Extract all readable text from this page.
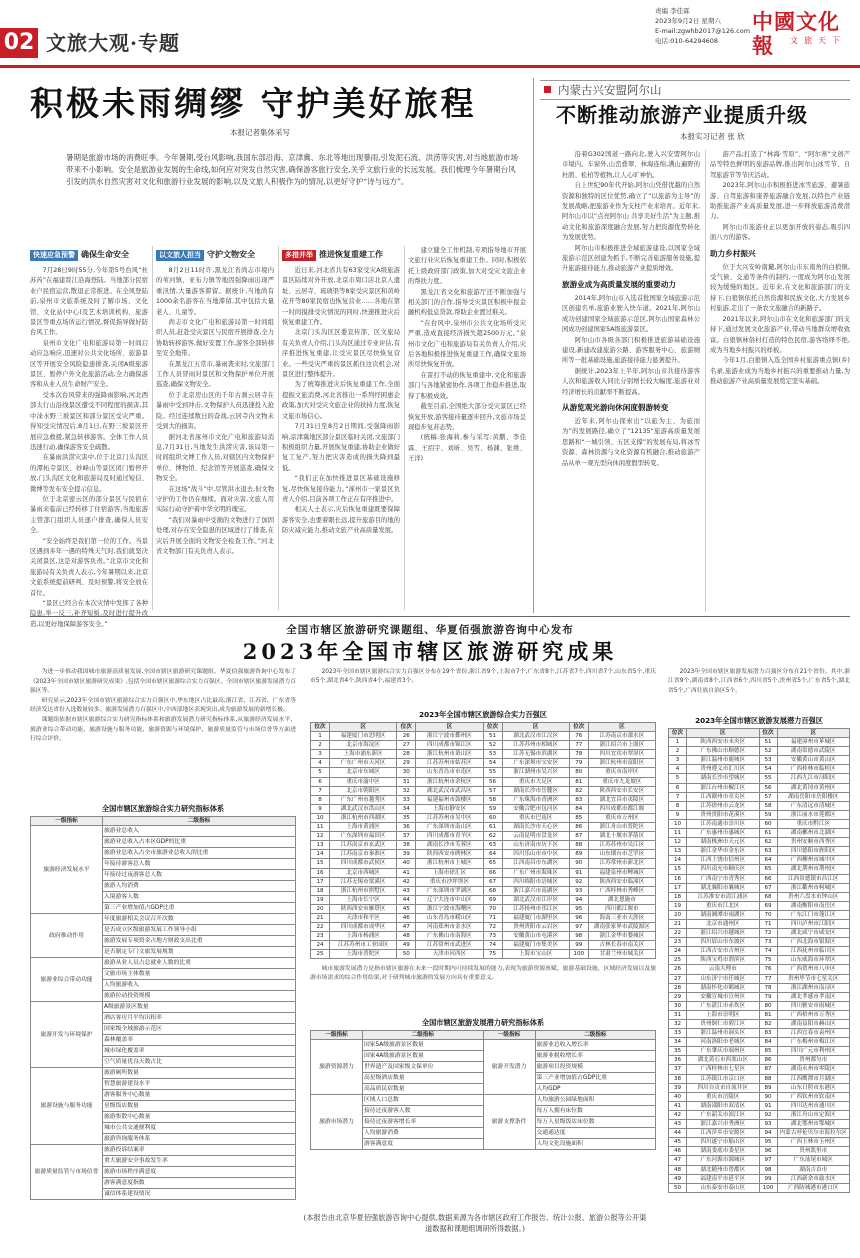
02 文旅大观·专题
责编 李佳霖
2023年9月2日 星期六
E-mail:zgwhb2017@126.com
电话:010-64294608
中國文化報	文旅天下
积极未雨绸缪 守护美好旅程
本报记者集体采写
暑期是旅游市场的消费旺季。今年暑期,受台风影响,我国东部沿海、京津冀、东北等地出现暴雨,引发泥石流、洪涝等灾害,对当地旅游市场带来不小影响。安全是旅游业发展的生命线,如何应对突发自然灾害,确保游客旅行安全,关乎文旅行业的长远发展。我们梳理今年暑期台风引发的洪水自然灾害对文化和旅游行业发展的影响,以及文旅人积极作为的情况,以更好守护“诗与远方”。
快速应急预警 确保生命安全

7月28日9时55分,今年第5号台风“杜苏芮”在福建晋江沿海登陆。当地部分民宿业户民宿运营,散退正常推进。在全风登陆前,泉州市文旅系统及时了解市场、文化馆、文化站(中心)及艺术培训机构、旅游景区等重点场所运行情况,督促指导做好防台风工作。

泉州市文化广电和旅游局第一时间启动应急响应,迅速对公共文化场所、旅游景区等开展安全风险隐患排查,关闭A级旅游景区、暂停户外文化旅游活动,全力确保游客和从业人员生命财产安全。

受本次台风带来的强降雨影响,河北西部太行山沿线景区遭受不同程度的损害,其中涞水野三坡景区和部分景区受灾严重。得知受灾情况后,8月1日,在野三坡景区开展应急救援,紧急转移游客。全体工作人员迅速行动,确保游客安全疏散。

在暴雨洪涝灾害中,位于北京门头沟区的潭柘寺景区、妙峰山等景区闭门暂停开放,门头沟区文化和旅游局及时通过短信、微博等发布安全提示信息。

位于北京密云区的部分景区与民宿在暴雨来临前已经转移了住宿游客,当地旅游主管部门组织人员逐户排查,确保人员安全。

“安全始终是我们第一位的工作。当景区遇到多年一遇的特殊天气时,我们就坚决关闭景区,这是对游客负责。”北京市文化和旅游局有关负责人表示,今年暑期以来,北京文旅系统提前研判、及时预警,将安全放在首位。

“景区已经合在本次灾情中发挥了各种隐患,举一反三,补齐短板,及时进行提升改造,以更好地保障游客安全。”

以文旅人担当 守护文物安全

8月2日11时许,黑龙江省尚志市境内的苇河镇、亚布力镇等地因强降雨出现严重汛情,大量游客滞留。据统计,当地尚有1000余名游客在当地滞留,其中包括大量老人、儿童等。

尚志市文化广电和旅游局第一时间组织人员,赶赴受灾景区与民宿开展排查,全力协助转移游客,做好安置工作,游客全部转移至安全地带。

在黑龙江五常市,暴雨袭来时,文旅部门工作人员冒雨对景区和文物保护单位开展巡查,确保文物安全。

位于北京房山区的千年古刹云居寺在暴雨中受到冲击,文物保护人员迅速投入抢险。经过连续数日的奋战,云居寺内文物未受到大的损害。

据河北省涿州市文化广电和旅游局消息,7月31日,当地发生洪涝灾害,该局第一时间组织文博工作人员,对辖区内文物保护单位、博物馆、纪念馆等开展巡查,确保文物安全。

在这场“战斗”中,尽管洪水退去,但文物守护的工作仍在继续。面对灾害,文旅人用实际行动守护着中华文明的瑰宝。

“我们对暴雨中受损的文物进行了加固处理,对存在安全隐患的区域进行了排查,在灾后开展全面的文物安全检查工作。”河北省文物部门有关负责人表示。

多措并举 推进恢复重建工作

近日来,河北省共有63家受灾A级旅游景区陆续对外开放,北京市周口店北京人遗址、云居寺、琉璃渠等8家受灾景区和黄岭花开等80家民宿也恢复营业……各地在第一时间摸排受灾情况的同时,快速推进灾后恢复重建工作。

北京门头沟区区委宣传部、区文旅局有关负责人介绍,门头沟区通过专业评估,有序推进恢复重建,让受灾景区尽快恢复营业。一些受灾严重的景区抓住这次机会,对景区进行整体提升。

为了统筹推进灾后恢复重建工作,全面提振文旅消费,河北省推出一系列纾困惠企政策,加大对受灾文旅企业的扶持力度,恢复文旅市场信心。

7月31日至8月2日期间,受强降雨影响,京津冀地区部分景区临时关闭,文旅部门积极组织力量,开展恢复重建,协助企业做好复工复产,努力把灾害造成的损失降到最低。

“我们正在加快推进景区基础设施修复,尽快恢复接待能力。”涿州市一家景区负责人介绍,目前各项工作正在有序推进中。

相关人士表示,灾后恢复重建既要保障游客安全,也要着眼长远,提升旅游目的地的防灾减灾能力,推动文旅产业高质量发展。

建立健全工作机制,专项指导地市开展文旅行业灾后恢复重建工作。同时,积极依托上级政府部门政策,加大对受灾文旅企业的帮扶力度。

黑龙江省文化和旅游厅还不断加强与相关部门的合作,指导受灾景区积极申报金融机构低息贷款,帮助企业渡过难关。

“在台风中,泉州市公共文化场所受灾严重,造成直接经济损失超2500万元。”泉州市文化广电和旅游局有关负责人介绍,灾后各地积极推进恢复重建工作,确保文旅场所尽快恢复开放。

在雷打不动的恢复重建中,文化和旅游部门与各地紧密协作,各项工作稳步推进,取得了积极成效。

截至目前,全国绝大部分受灾景区已经恢复开放,游客接待量逐步回升,文旅市场呈现稳步复苏态势。

(统稿:张海莉,参与采写:黄鹏、李佳霖、王绍宇、刘昕、吴雪、杨渊、张维、王洋)

内蒙古兴安盟阿尔山
不断推动旅游产业提质升级
本报实习记者 张 欣

沿着G302国道一路向北,驶入兴安盟阿尔山市境内。车窗外,山峦叠翠、林海连绵,满山遍野的杜鹃、松柏等植物,让人心旷神怡。

自上世纪90年代开始,阿尔山凭借优越的自然资源和独特的区位优势,确立了“以旅游为主导”的发展战略,把旅游业作为支柱产业来培育。近年来,阿尔山市以“点亮阿尔山 共享美好生活”为主题,推动文化和旅游深度融合发展,努力把资源优势转化为发展优势。

阿尔山市积极推进全域旅游建设,以国家全域旅游示范区创建为抓手,不断完善旅游服务设施,提升旅游接待能力,推动旅游产业提质增效。

旅游业成为高质量发展的重要动力

2014年,阿尔山市入选首批国家全域旅游示范区创建名单,旅游业驶入快车道。2021年,阿尔山成功创建国家全域旅游示范区,阿尔山国家森林公园成功创建国家5A级旅游景区。

阿尔山市各级各部门积极推进旅游基础设施建设,新建改建旅游公路、游客服务中心、旅游厕所等一批基础设施,旅游接待能力显著提升。

据统计,2023年上半年,阿尔山市共接待游客人次和旅游收入同比分别增长较大幅度,旅游业对经济增长的贡献率不断提高。

从游览观光游向休闲度假游转变

近年来,阿尔山探索出“以旅为主、为旅而为”的发展路径,确立了“12135”旅游高质量发展思路和“一城引领、五区支撑”的发展布局,将冰雪资源、森林资源与文化资源有机融合,推动旅游产品从单一观光型向休闲度假型转变。

游产品;打造了“林海·雪原”、“阿尔寨”文创产品等特色鲜明的旅游品牌,推出阿尔山冰雪节、自驾旅游节等节庆活动。

2023年,阿尔山市积极推进冰雪旅游、避暑旅游、自驾旅游和康养旅游融合发展,以特色产业链助推旅游产业高质量发展,进一步释放旅游消费潜力。

阿尔山市旅游业正以更加开放的姿态,吸引四面八方的游客。

助力乡村振兴

位于大兴安岭南麓,阿尔山市东南角的白狼镇,受气候、交通等条件的制约,一度成为阿尔山发展较为缓慢的地区。近年来,在文化和旅游部门的支持下,白狼镇依托自然资源和民族文化,大力发展乡村旅游,走出了一条农文旅融合的新路子。

2021年以来,阿尔山市在文化和旅游部门的支持下,通过发展文化旅游产业,带动当地群众增收致富。白狼镇林俗村打造的特色民宿,游客络绎不绝,成为当地乡村振兴的样板。

今年1月,白狼镇入选全国乡村旅游重点镇(乡)名录,旅游业成为当地乡村振兴的重要推动力量,为推动旅游产业高质量发展奠定坚实基础。

全国市辖区旅游研究课题组、华夏佰强旅游咨询中心发布
2023年全国市辖区旅游研究成果

为进一步推动我国城市旅游高质量发展,全国市辖区旅游研究课题组、华夏佰强旅游咨询中心发布了《2023年全国市辖区旅游研究成果》,包括全国市辖区旅游综合实力百强区、全国市辖区旅游发展潜力百强区等。

研究显示,2023年全国市辖区旅游综合实力百强区中,华东地区占比最高;浙江省、江苏省、广东省等经济发达省份入选数量较多。旅游发展潜力百强区中,中西部地区表现突出,成为旅游发展的新增长极。

课题组依据市辖区旅游综合实力研究指标体系和旅游发展潜力研究指标体系,从旅游经济发展水平、旅游业综合带动功能、旅游设施与服务功能、旅游资源与环境保护、旅游质量监管与市场信誉等方面进行综合评价。

2023年全国市辖区旅游综合实力百强区分布在19个省份,浙江省9个,上海市7个,广东省8个,江苏省7个,四川省7个,山东省5个,重庆市5个,湖北省4个,陕西省4个,福建省3个。

2023年全国市辖区旅游发展潜力百强区分布在21个省份。其中,浙江省9个,湖南省8个,江西省6个,四川省5个,贵州省5个,广东省5个,湖北省5个,广西壮族自治区5个。

全国市辖区旅游综合实力研究指标体系
一级指标	二级指标
旅游经济发展水平	旅游业总收入
	旅游业总收入占本区GDP的比重
	旅游业总收入占全市旅游业总收入的比重
	年接待游客总人数
	年接待过夜游客总人数
	旅游人均消费
	入境游客人数
	第三产业增加值占GDP比重
政府推动作用	年度旅游相关会议召开次数
	是否成立区级旅游发展工作领导小组
	旅游发展专项资金占地方财政支出比重
	是否制定专门文旅发展规划
旅游业综合带动功能	旅游从业人员占总就业人数的比重
	文旅市场主体数量
	人均旅游收入
	旅游拉动投资规模
旅游开发与环境保护	A级旅游景区数量
	酒店客房月平均出租率
	国家级全域旅游示范区
	森林覆盖率
	城市绿化覆盖率
	空气质量优良天数占比
旅游设施与服务功能	旅游厕所数量
	智慧旅游建设水平
	游客服务中心数量
	星级饭店数量
	旅游集散中心数量
	城市公共交通便利度
	旅游咨询服务体系
旅游质量监管与市场信誉	旅游投诉结案率
	重大旅游安全事故发生率
	旅游市场秩序满意度
	游客满意度指数
	诚信体系建设情况
2023年全国市辖区旅游综合实力百强区
位次	区	位次	区	位次	区	位次	区
1	福建厦门市思明区	26	浙江宁波市鄞州区	51	湖北武汉市江汉区	76	江苏南京市溧水区
2	北京市海淀区	27	四川成都市锦江区	52	江苏苏州市相城区	77	浙江绍兴市上虞区
3	上海市浦东新区	28	浙江杭州市萧山区	53	江苏无锡市滨湖区	78	四川宜宾市翠屏区
4	广东广州市天河区	29	江苏苏州市姑苏区	54	广东深圳市宝安区	79	浙江杭州市富阳区
5	北京市东城区	30	山东青岛市市南区	55	浙江湖州市吴兴区	80	重庆市南岸区
6	重庆市渝中区	31	浙江杭州市余杭区	56	重庆市大足区	81	重庆市九龙坡区
7	北京市朝阳区	32	湖北武汉市武昌区	57	湖南长沙市岳麓区	82	陕西西安市长安区
8	广东广州市越秀区	33	福建福州市鼓楼区	58	广东珠海市香洲区	83	湖北宜昌市夷陵区
9	湖北武汉市洪山区	34	上海市静安区	59	安徽合肥市包河区	84	四川成都市都江堰
10	浙江杭州市西湖区	35	江苏苏州市吴中区	60	重庆市巴南区	85	重庆市万州区
11	上海市黄浦区	36	广东深圳市南山区	61	湖南长沙市天心区	86	浙江舟山市普陀区
12	广东深圳市福田区	37	四川成都市青羊区	62	云南昆明市盘龙区	87	湖北十堰市茅箭区
13	江苏南京市玄武区	38	湖南长沙市芙蓉区	63	山东济南市历下区	88	江苏苏州市吴江区
14	江苏南京市秦淮区	39	陕西西安市碑林区	64	四川乐山市市中区	89	山东烟台市芝罘区
15	四川成都市武侯区	40	浙江杭州市上城区	65	江西南昌市东湖区	90	江苏常州市新北区
16	北京市西城区	41	上海市徐汇区	66	广东广州市海珠区	91	福建泉州市鲤城区
17	江苏无锡市梁溪区	42	重庆市沙坪坝区	67	四川绵阳市涪城区	92	陕西西安市临潼区
18	浙江杭州市拱墅区	43	广东深圳市罗湖区	68	浙江嘉兴市南湖区	93	广西桂林市秀峰区
19	上海市长宁区	44	辽宁大连市中山区	69	湖北武汉市江岸区	94	湖北恩施市
20	陕西西安市雁塔区	45	浙江宁波市海曙区	70	江苏扬州市邗江区	95	四川都江堰市
21	天津市和平区	46	山东青岛市崂山区	71	福建厦门市湖里区	96	海南三亚市天涯区
22	四川成都市成华区	47	河南郑州市金水区	72	贵州贵阳市云岩区	97	湖南张家界市武陵源区
23	上海市杨浦区	48	广东佛山市南海区	73	安徽黄山市屯溪区	98	浙江金华市婺城区
24	江苏苏州市工业园区	49	江苏常州市武进区	74	福建厦门市集美区	99	吉林长春市南关区
25	上海市普陀区	50	天津市河西区	75	上海市宝山区	100	甘肃兰州市城关区

城市旅游发展潜力是指市辖区旅游在未来一段时期内可持续发展的能力,表现为旅游资源禀赋、旅游基础设施、区域经济发展以及旅游市场需求的综合作用结果,对于研判城市旅游的发展方向具有重要意义。

全国市辖区旅游发展潜力研究指标体系
一级指标	二级指标	一级指标	二级指标
旅游资源潜力	国家5A级旅游景区数量	旅游开发潜力	旅游业总收入增长率
	国家4A级旅游景区数量		旅游业税收增长率
	世界遗产及国家级文保单位		旅游项目投资规模
	高星级酒店数量		第三产业增加值占GDP比重
	高品质民宿数量		人均GDP
旅游市场潜力	区域人口总数	旅游支撑条件	人均旅游公园绿地面积
	接待过夜游客人数		每万人拥有床位数
	接待过夜游客增长率		每万人星级饭店床位数
	人均旅游消费		交通通达度
	游客满意度		人均文化设施面积
2023年全国市辖区旅游发展潜力百强区
位次	区	位次	区
1	陕西西安市未央区	51	福建漳州市芗城区
2	广东佛山市顺德区	52	湖南常德市武陵区
3	浙江温州市鹿城区	53	安徽黄山市黄山区
4	贵州遵义市汇川区	54	广西桂林市临桂区
5	湖南长沙市望城区	55	江西九江市浔阳区
6	浙江台州市椒江区	56	湖北黄冈市黄州区
7	江西赣州市章贡区	57	湖南岳阳市岳阳楼区
8	江苏徐州市云龙区	58	广东清远市清城区
9	贵州贵阳市花溪区	59	浙江丽水市莲都区
10	江苏南通市崇川区	60	重庆市黔江区
11	广东惠州市惠城区	61	湖南郴州市北湖区
12	湖南株洲市天元区	62	贵州安顺市西秀区
13	浙江金华市金东区	63	四川德阳市旌阳区
14	江西上饶市信州区	64	广西柳州市城中区
15	四川南充市顺庆区	65	湖北荆州市荆州区
16	广西南宁市青秀区	66	江西景德镇市昌江区
17	湖北襄阳市襄城区	67	浙江衢州市柯城区
18	江苏淮安市清江浦区	68	贵州六盘水市钟山区
19	重庆市江北区	69	湖南衡阳市南岳区
20	湖南湘潭市雨湖区	70	广东江门市蓬江区
21	北京市通州区	71	四川泸州市江阳区
22	浙江绍兴市越城区	72	湖北咸宁市咸安区
23	四川眉山市东坡区	73	广西北海市银海区
24	江西吉安市吉州区	74	江西抚州市临川区
25	陕西宝鸡市渭滨区	75	山东威海市环翠区
26	云南大理市	76	广西贺州市八步区
27	山东济宁市任城区	77	贵州毕节市七星关区
28	湖南怀化市鹤城区	78	浙江湖州市南浔区
29	安徽宣城市宣州区	79	湖北孝感市孝南区
30	广东湛江市赤坎区	80	四川雅安市雨城区
31	上海市崇明区	81	广西梧州市万秀区
32	贵州铜仁市碧江区	82	湖南益阳市赫山区
33	浙江温州市洞头区	83	江西宜春市袁州区
34	河南洛阳市老城区	84	广东梅州市梅江区
35	广东肇庆市端州区	85	四川广元市利州区
36	湖北黄石市西塞山区	86	贵州都匀市
37	广西桂林市七星区	87	湖南永州市零陵区
38	江苏镇江市京口区	88	江西鹰潭市月湖区
39	四川自贡市自流井区	89	山东日照市东港区
40	重庆市涪陵区	90	广西钦州市钦南区
41	湖南邵阳市双清区	91	四川达州市通川区
42	广东韶关市浈江区	92	浙江舟山市定海区
43	浙江嘉兴市秀洲区	93	湖北鄂州市鄂城区
44	江西萍乡市安源区	94	内蒙古呼伦贝尔市海拉尔区
45	四川遂宁市船山区	95	广西玉林市玉州区
46	湖南娄底市娄星区	96	贵州凯里市
47	广东河源市源城区	97	广东汕尾市城区
48	湖北随州市曾都区	98	湖南吉首市
49	福建南平市延平区	99	江西新余市渝水区
50	山东泰安市泰山区	100	广西防城港市港口区
(本报告由北京华夏佰强旅游咨询中心提供,数据来源为各市辖区政府工作报告、统计公报、旅游公报等公开渠道数据和课题组调研所得数据。)
